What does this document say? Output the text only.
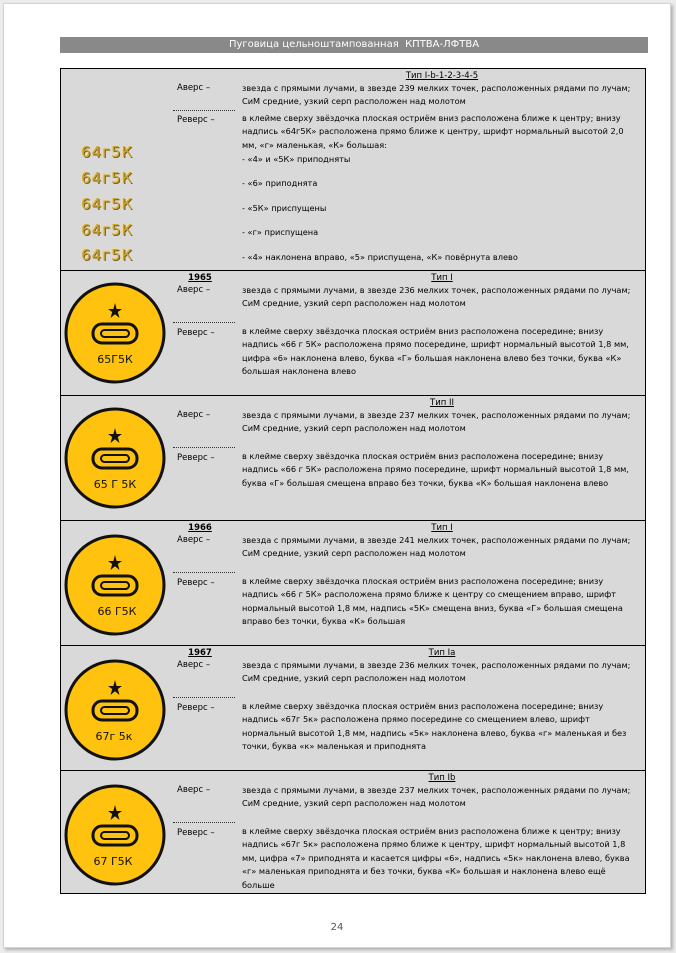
Пуговица цельноштампованная  КПТВА-ЛФТВА
64г5К
64г5К
64г5К
64г5К
64г5К
Тип I-b-1-2-3-4-5
Аверс –	звезда с прямыми лучами, в звезде 239 мелких точек, расположенных рядами по лучам; СиМ средние, узкий серп расположен над молотом
Реверс –	в клейме сверху звёздочка плоская остриём вниз расположена ближе к центру; внизу надпись «64г5К» расположена прямо ближе к центру, шрифт нормальный высотой 2,0 мм, «г» маленькая, «К» большая:
- «4» и «5К» приподняты
- «6» приподнята
- «5К» приспущены
- «г» приспущена
- «4» наклонена вправо, «5» приспущена, «К» повёрнута влево
65Г5К
1965	Тип I
Аверс –	звезда с прямыми лучами, в звезде 236 мелких точек, расположенных рядами по лучам; СиМ средние, узкий серп расположен над молотом
Реверс –	в клейме сверху звёздочка плоская остриём вниз расположена посередине; внизу надпись «66 г 5К» расположена прямо посередине, шрифт нормальный высотой 1,8 мм, цифра «6» наклонена влево, буква «Г» большая наклонена влево без точки, буква «К» большая наклонена влево
65 Г 5К
Тип II
Аверс –	звезда с прямыми лучами, в звезде 237 мелких точек, расположенных рядами по лучам; СиМ средние, узкий серп расположен над молотом
Реверс –	в клейме сверху звёздочка плоская остриём вниз расположена посередине; внизу надпись «66 г 5К» расположена прямо посередине, шрифт нормальный высотой 1,8 мм, буква «Г» большая смещена вправо без точки, буква «К» большая наклонена влево
66 Г5К
1966	Тип I
Аверс –	звезда с прямыми лучами, в звезде 241 мелких точек, расположенных рядами по лучам; СиМ средние, узкий серп расположен над молотом
Реверс –	в клейме сверху звёздочка плоская остриём вниз расположена посередине; внизу надпись «66 г 5К» расположена прямо ближе к центру со смещением вправо, шрифт нормальный высотой 1,8 мм, надпись «5К» смещена вниз, буква «Г» большая смещена вправо без точки, буква «К» большая
67г 5к
1967	Тип Ia
Аверс –	звезда с прямыми лучами, в звезде 236 мелких точек, расположенных рядами по лучам; СиМ средние, узкий серп расположен над молотом
Реверс –	в клейме сверху звёздочка плоская остриём вниз расположена посередине; внизу надпись «67г 5к» расположена прямо посередине со смещением влево, шрифт нормальный высотой 1,8 мм, надпись «5к» наклонена влево, буква «г» маленькая и без точки, буква «к» маленькая и приподнята
67 Г5К
Тип Ib
Аверс –	звезда с прямыми лучами, в звезде 237 мелких точек, расположенных рядами по лучам; СиМ средние, узкий серп расположен над молотом
Реверс –	в клейме сверху звёздочка плоская остриём вниз расположена ближе к центру; внизу надпись «67г 5к» расположена прямо ближе к центру, шрифт нормальный высотой 1,8 мм, цифра «7» приподнята и касается цифры «6», надпись «5к» наклонена влево, буква «г» маленькая приподнята и без точки, буква «К» большая и наклонена влево ещё больше
24
